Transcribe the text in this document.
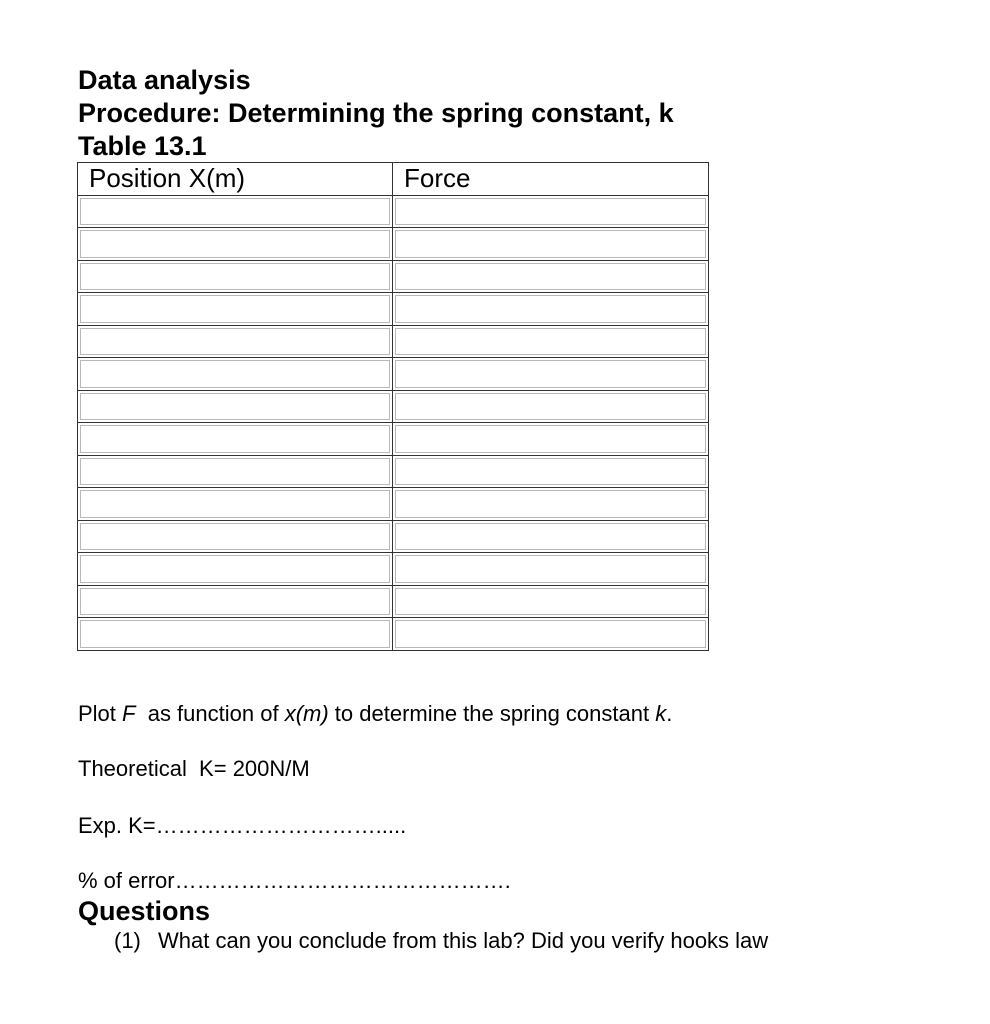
Data analysis
Procedure: Determining the spring constant, k
Table 13.1
Position X(m)	Force

Plot F  as function of x(m) to determine the spring constant k.
Theoretical  K= 200N/M
Exp. K=………………………….....
% of error……………………………………….
Questions
(1) What can you conclude from this lab? Did you verify hooks law
